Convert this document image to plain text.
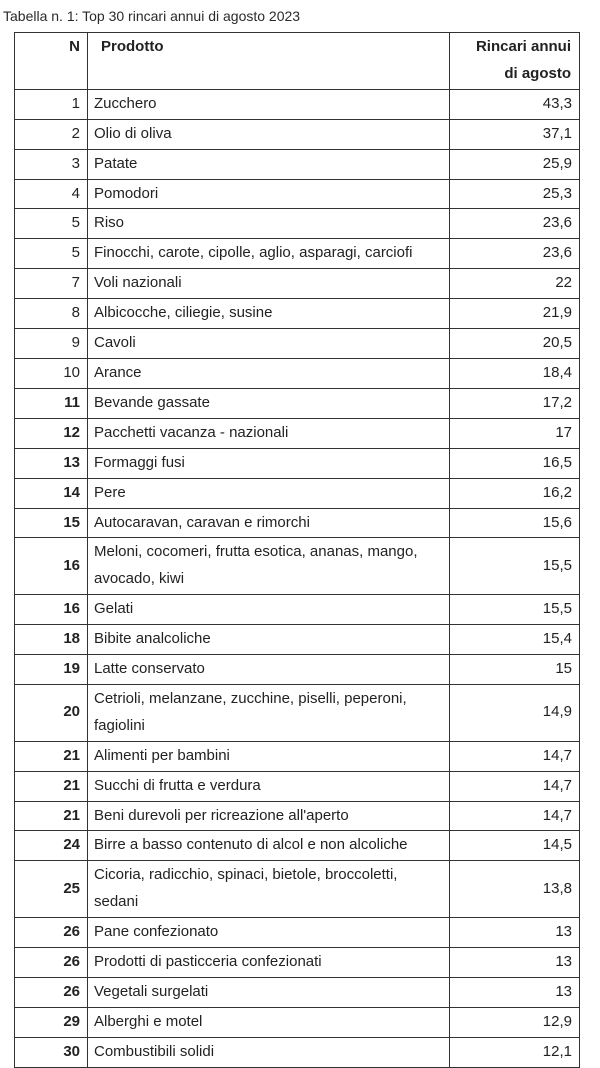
Tabella n. 1: Top 30 rincari annui di agosto 2023
N	Prodotto	Rincari annui
di agosto
1	Zucchero	43,3
2	Olio di oliva	37,1
3	Patate	25,9
4	Pomodori	25,3
5	Riso	23,6
5	Finocchi, carote, cipolle, aglio, asparagi, carciofi	23,6
7	Voli nazionali	22
8	Albicocche, ciliegie, susine	21,9
9	Cavoli	20,5
10	Arance	18,4
11	Bevande gassate	17,2
12	Pacchetti vacanza - nazionali	17
13	Formaggi fusi	16,5
14	Pere	16,2
15	Autocaravan, caravan e rimorchi	15,6
16	Meloni, cocomeri, frutta esotica, ananas, mango, avocado, kiwi	15,5
16	Gelati	15,5
18	Bibite analcoliche	15,4
19	Latte conservato	15
20	Cetrioli, melanzane, zucchine, piselli, peperoni, fagiolini	14,9
21	Alimenti per bambini	14,7
21	Succhi di frutta e verdura	14,7
21	Beni durevoli per ricreazione all'aperto	14,7
24	Birre a basso contenuto di alcol e non alcoliche	14,5
25	Cicoria, radicchio, spinaci, bietole, broccoletti, sedani	13,8
26	Pane confezionato	13
26	Prodotti di pasticceria confezionati	13
26	Vegetali surgelati	13
29	Alberghi e motel	12,9
30	Combustibili solidi	12,1
